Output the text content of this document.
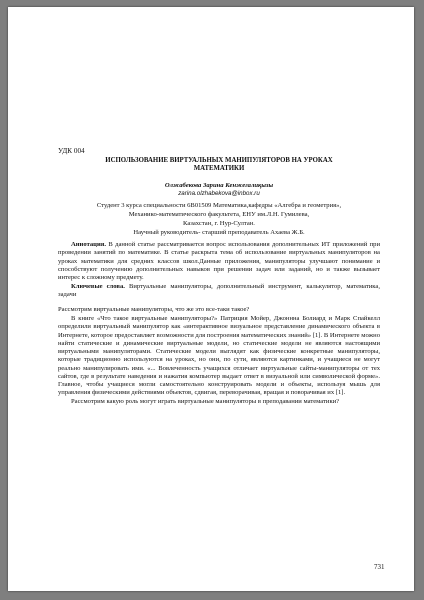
УДК 004
ИСПОЛЬЗОВАНИЕ ВИРТУАЛЬНЫХ МАНИПУЛЯТОРОВ НА УРОКАХ
МАТЕМАТИКИ
Олжабекова Зарина Кенжегалиқызы
zarina.olzhabekova@inbox.ru
Студент 3 курса специальности 6В01509 Математика,кафедры «Алгебра и геометрия»,
Механико-математического факультета, ЕНУ им.Л.Н. Гумилева,
Казахстан, г. Нур-Султан.
Научный руководитель- старший преподаватель Ахаева Ж.Б.

Аннотация. В данной статье рассматривается вопрос использования дополнительных ИТ приложений при проведении занятий по математике. В статье раскрыта тема об использование виртуальных манипуляторов на уроках математики для средних классов школ.Данные приложения, манипуляторы улучшают понимание и способствуют получению дополнительных навыков при решении задач или заданий, но и также вызывает интерес к сложному предмету.

Ключевые слова. Виртуальные манипуляторы, дополнительный инструмент, калькулятор, математика, задачи

Рассмотрим виртуальные манипуляторы, что же это все-таки такое?

В книге «Что такое виртуальные манипуляторы?» Патриция Мойер, Джоннна Болиард и Марк Спайкелл определили виртуальный манипулятор как «интерактивное визуальное представление динамического объекта в Интернете, которое предоставляет возможности для построения математических знаний» [1]. В Интернете можно найти статические и динамические виртуальные модели, но статические модели не являются настоящими виртуальными манипуляторами. Статические модели выглядят как физические конкретные манипуляторы, которые традиционно используются на уроках, но они, по сути, являются картинками, и учащиеся не могут реально манипулировать ими. «... Вовлеченность учащихся отличает виртуальные сайты-манипуляторы от тех сайтов, где в результате наведения и нажатия компьютер выдает ответ в визуальной или символической форме». Главное, чтобы учащиеся могли самостоятельно конструировать модели и объекты, используя мышь для управления физическими действиями объектов, сдвигая, переворачивая, вращая и поворачивая их [1].

Рассмотрим какую роль могут играть виртуальные манипуляторы в преподавании математики?

731
